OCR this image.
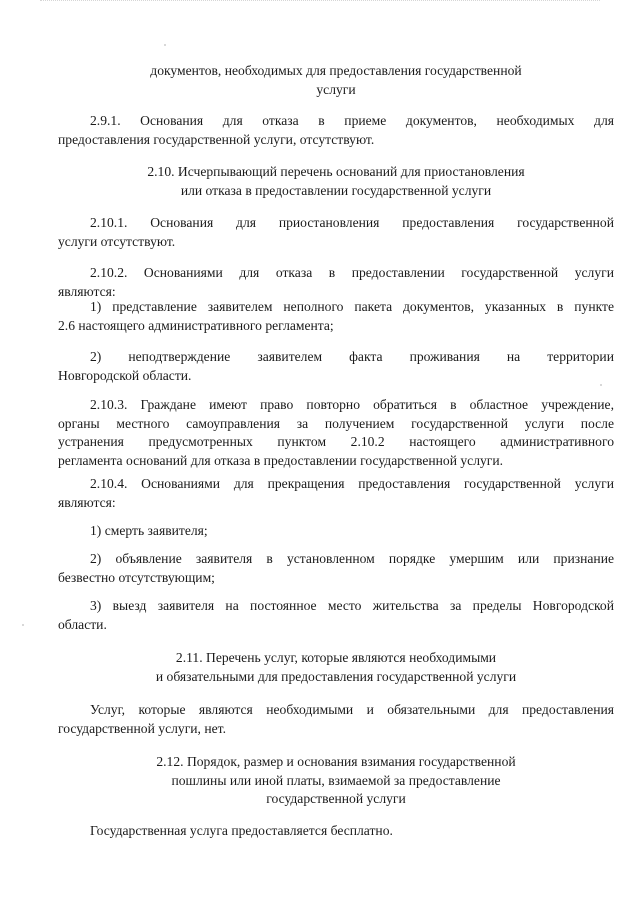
документов, необходимых для предоставления государственной
услуги
2.9.1. Основания для отказа в приеме документов, необходимых для
предоставления государственной услуги, отсутствуют.
2.10. Исчерпывающий перечень оснований для приостановления
или отказа в предоставлении государственной услуги
2.10.1. Основания для приостановления предоставления государственной
услуги отсутствуют.
2.10.2. Основаниями для отказа в предоставлении государственной услуги
являются:
1) представление заявителем неполного пакета документов, указанных в пункте
2.6 настоящего административного регламента;
2) неподтверждение заявителем факта проживания на территории
Новгородской области.
2.10.3. Граждане имеют право повторно обратиться в областное учреждение,
органы местного самоуправления за получением государственной услуги после
устранения предусмотренных пунктом 2.10.2 настоящего административного
регламента оснований для отказа в предоставлении государственной услуги.
2.10.4. Основаниями для прекращения предоставления государственной услуги
являются:
1) смерть заявителя;
2) объявление заявителя в установленном порядке умершим или признание
безвестно отсутствующим;
3) выезд заявителя на постоянное место жительства за пределы Новгородской
области.
2.11. Перечень услуг, которые являются необходимыми
и обязательными для предоставления государственной услуги
Услуг, которые являются необходимыми и обязательными для предоставления
государственной услуги, нет.
2.12. Порядок, размер и основания взимания государственной
пошлины или иной платы, взимаемой за предоставление
государственной услуги
Государственная услуга предоставляется бесплатно.
